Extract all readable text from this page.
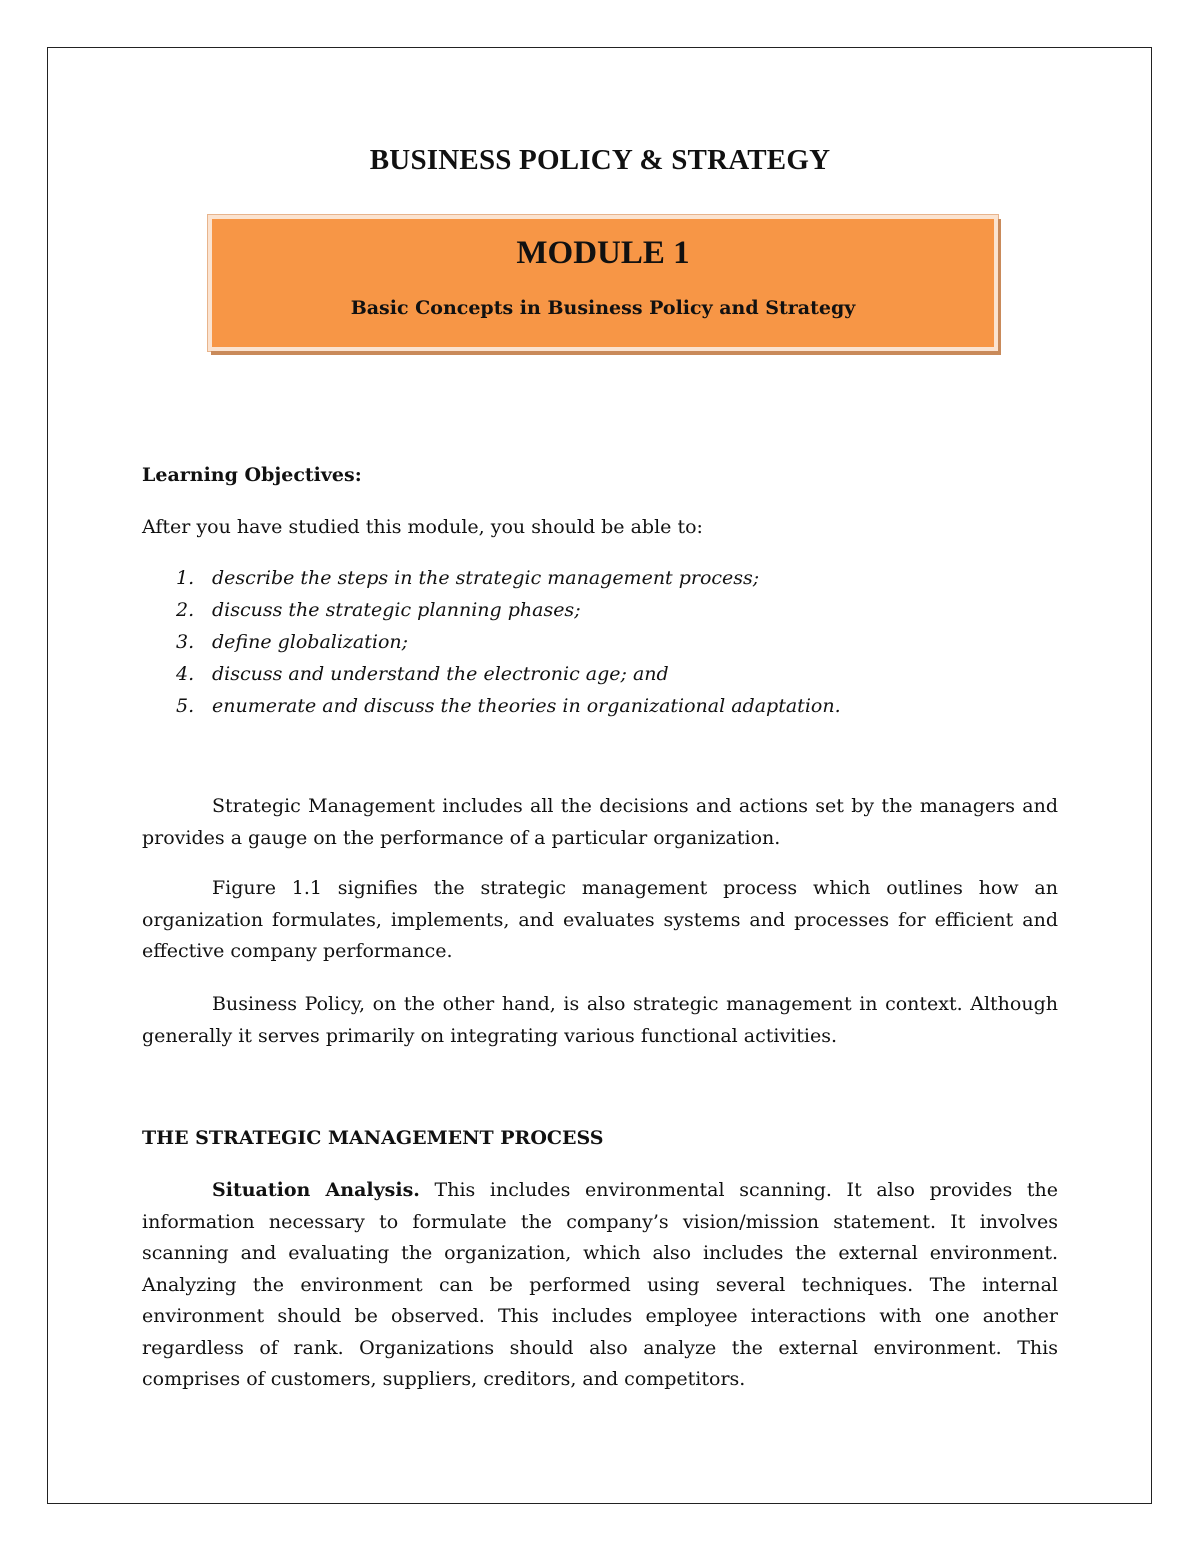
BUSINESS POLICY & STRATEGY
MODULE 1
Basic Concepts in Business Policy and Strategy
Learning Objectives:
After you have studied this module, you should be able to:
1. describe the steps in the strategic management process;
2. discuss the strategic planning phases;
3. define globalization;
4. discuss and understand the electronic age; and
5. enumerate and discuss the theories in organizational adaptation.

Strategic Management includes all the decisions and actions set by the managers and provides a gauge on the performance of a particular organization.

Figure 1.1 signifies the strategic management process which outlines how an organization formulates, implements, and evaluates systems and processes for efficient and effective company performance.

Business Policy, on the other hand, is also strategic management in context. Although generally it serves primarily on integrating various functional activities.

THE STRATEGIC MANAGEMENT PROCESS

Situation Analysis. This includes environmental scanning. It also provides the information necessary to formulate the company’s vision/mission statement. It involves scanning and evaluating the organization, which also includes the external environment. Analyzing the environment can be performed using several techniques. The internal environment should be observed. This includes employee interactions with one another regardless of rank. Organizations should also analyze the external environment. This comprises of customers, suppliers, creditors, and competitors.
